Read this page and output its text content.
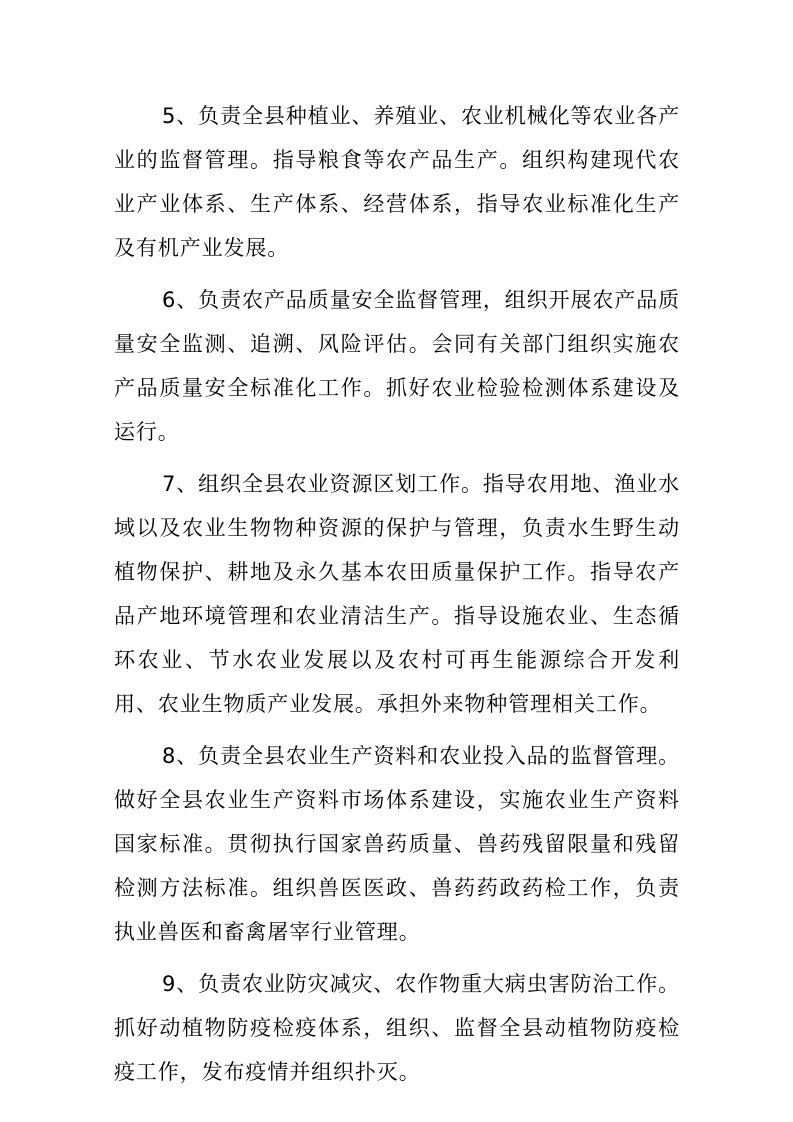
5、负责全县种植业、养殖业、农业机械化等农业各产业的监督管理。指导粮食等农产品生产。组织构建现代农业产业体系、生产体系、经营体系，指导农业标准化生产及有机产业发展。

6、负责农产品质量安全监督管理，组织开展农产品质量安全监测、追溯、风险评估。会同有关部门组织实施农产品质量安全标准化工作。抓好农业检验检测体系建设及运行。

7、组织全县农业资源区划工作。指导农用地、渔业水域以及农业生物物种资源的保护与管理，负责水生野生动植物保护、耕地及永久基本农田质量保护工作。指导农产品产地环境管理和农业清洁生产。指导设施农业、生态循环农业、节水农业发展以及农村可再生能源综合开发利用、农业生物质产业发展。承担外来物种管理相关工作。

8、负责全县农业生产资料和农业投入品的监督管理。做好全县农业生产资料市场体系建设，实施农业生产资料国家标准。贯彻执行国家兽药质量、兽药残留限量和残留检测方法标准。组织兽医医政、兽药药政药检工作，负责执业兽医和畜禽屠宰行业管理。

9、负责农业防灾减灾、农作物重大病虫害防治工作。抓好动植物防疫检疫体系，组织、监督全县动植物防疫检疫工作，发布疫情并组织扑灭。
